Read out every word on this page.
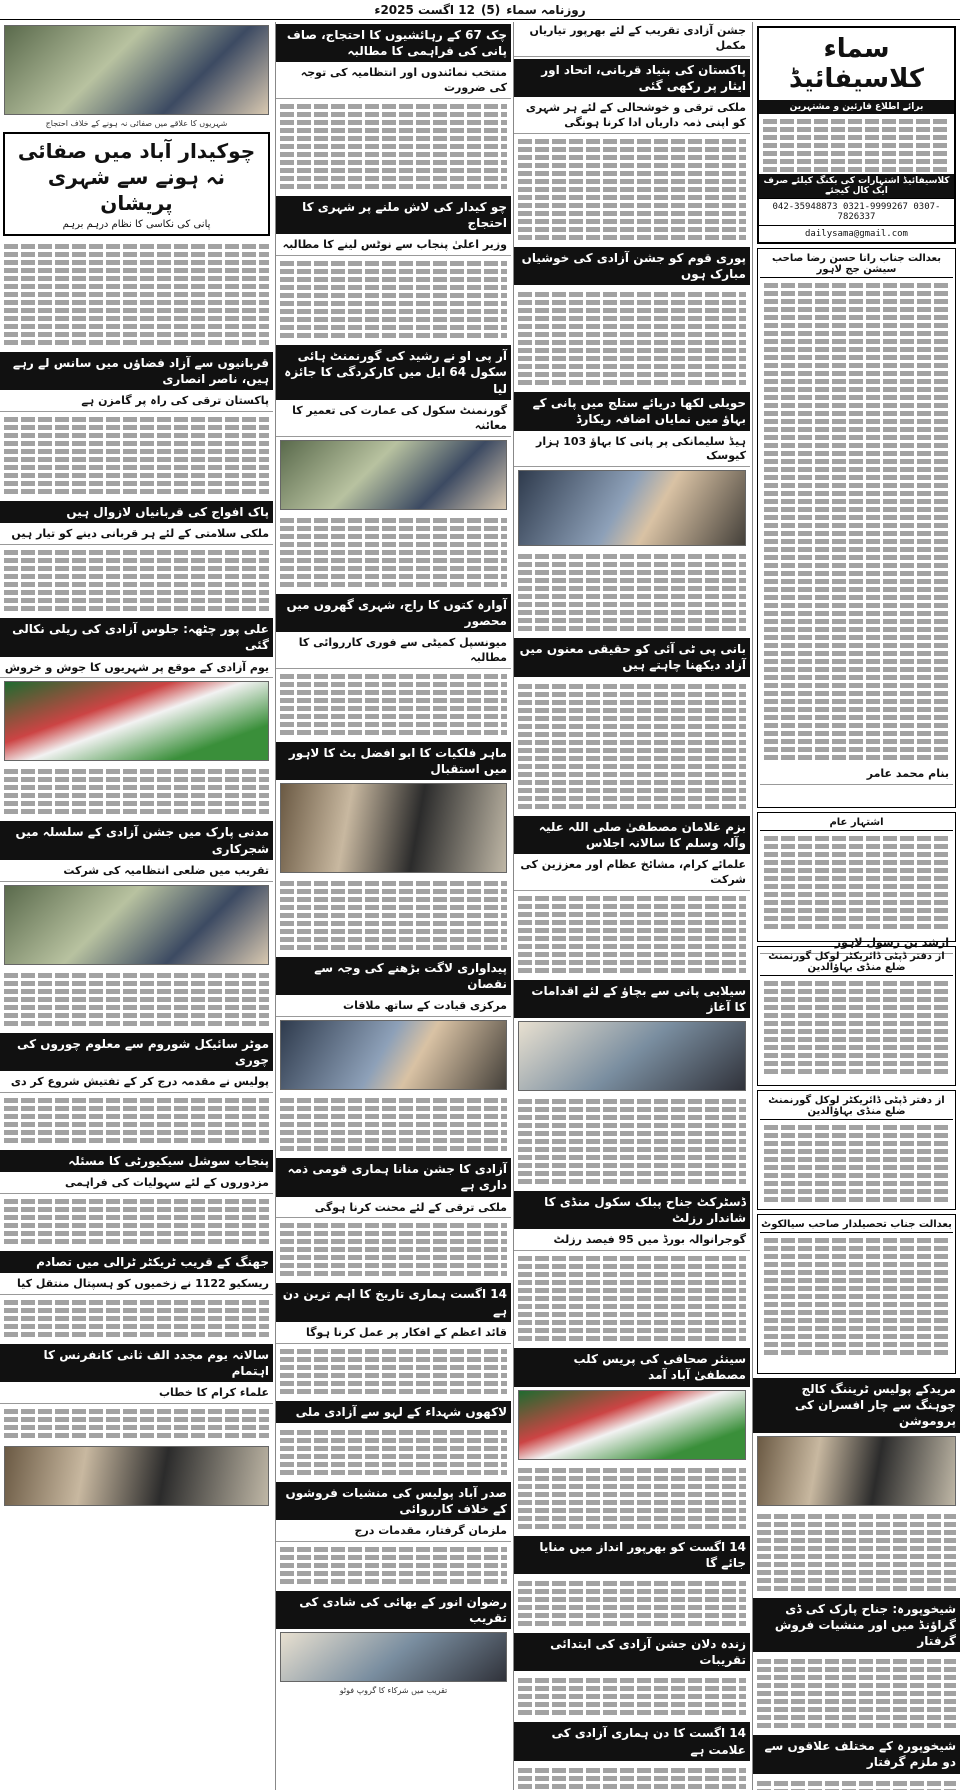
روزنامہ سماء
(5)
12 اگست 2025ء
سماء کلاسیفائیڈ
برائے اطلاع قارئین و مشتہرین
کلاسیفائیڈ اشتہارات کی بکنگ کیلئے صرف ایک کال کیجئے
042-35948873 0321-9999267 0307-7826337
dailysama@gmail.com
بعدالت جناب رانا حسن رضا صاحب سیشن جج لاہور
بنام محمد عامر
اشتہار عام
ارشد بن رسول لاہور
از دفتر ڈپٹی ڈائریکٹر لوکل گورنمنٹ ضلع منڈی بہاؤالدین
از دفتر ڈپٹی ڈائریکٹر لوکل گورنمنٹ ضلع منڈی بہاؤالدین
بعدالت جناب تحصیلدار صاحب سیالکوٹ
مریدکے پولیس ٹریننگ کالج چوہنگ سے چار افسران کی پروموشن
شیخوپورہ: جناح پارک کی ڈی گراؤنڈ میں اور منشیات فروش گرفتار
شیخوپورہ کے مختلف علاقوں سے دو ملزم گرفتار
جشن آزادی تقریب کے لئے بھرپور تیاریاں مکمل
پاکستان کی بنیاد قربانی، اتحاد اور ایثار پر رکھی گئی
ملکی ترقی و خوشحالی کے لئے ہر شہری کو اپنی ذمہ داریاں ادا کرنا ہونگی
پوری قوم کو جشن آزادی کی خوشیاں مبارک ہوں
حویلی لکھا دریائے ستلج میں پانی کے بہاؤ میں نمایاں اضافہ ریکارڈ
ہیڈ سلیمانکی پر پانی کا بہاؤ 103 ہزار کیوسک
بانی پی ٹی آئی کو حقیقی معنوں میں آزاد دیکھنا چاہتے ہیں
بزم غلامان مصطفیٰ صلی اللہ علیہ وآلہ وسلم کا سالانہ اجلاس
علمائے کرام، مشائخ عظام اور معززین کی شرکت
سیلابی پانی سے بچاؤ کے لئے اقدامات کا آغاز
ڈسٹرکٹ جناح پبلک سکول منڈی کا شاندار رزلٹ
گوجرانوالہ بورڈ میں 95 فیصد رزلٹ
سینئر صحافی کی پریس کلب مصطفیٰ آباد آمد
14 اگست کو بھرپور انداز میں منایا جائے گا
زندہ دلان جشن آزادی کی ابتدائی تقریبات
14 اگست کا دن ہماری آزادی کی علامت ہے
چک 67 کے رہائشیوں کا احتجاج، صاف پانی کی فراہمی کا مطالبہ
منتخب نمائندوں اور انتظامیہ کی توجہ کی ضرورت
چو کیدار کی لاش ملنے پر شہری کا احتجاج
وزیر اعلیٰ پنجاب سے نوٹس لینے کا مطالبہ
آر پی او نے رشید کی گورنمنٹ ہائی سکول 64 ایل میں کارکردگی کا جائزہ لیا
گورنمنٹ سکول کی عمارت کی تعمیر کا معائنہ
آوارہ کتوں کا راج، شہری گھروں میں محصور
میونسپل کمیٹی سے فوری کارروائی کا مطالبہ
ماہر فلکیات کا ابو افضل بٹ کا لاہور میں استقبال
پیداواری لاگت بڑھنے کی وجہ سے نقصان
مرکزی قیادت کے ساتھ ملاقات
آزادی کا جشن منانا ہماری قومی ذمہ داری ہے
ملکی ترقی کے لئے محنت کرنا ہوگی
14 اگست ہماری تاریخ کا اہم ترین دن ہے
قائد اعظم کے افکار پر عمل کرنا ہوگا
لاکھوں شہداء کے لہو سے آزادی ملی
صدر آباد پولیس کی منشیات فروشوں کے خلاف کارروائی
ملزمان گرفتار، مقدمات درج
رضوان انور کے بھائی کی شادی کی تقریب
تقریب میں شرکاء کا گروپ فوٹو
شہریوں کا علاقے میں صفائی نہ ہونے کے خلاف احتجاج
چوکیدار آباد میں صفائی نہ ہونے سے شہری پریشان
پانی کی نکاسی کا نظام درہم برہم
قربانیوں سے آزاد فضاؤں میں سانس لے رہے ہیں، ناصر انصاری
پاکستان ترقی کی راہ پر گامزن ہے
پاک افواج کی قربانیاں لازوال ہیں
ملکی سلامتی کے لئے ہر قربانی دینے کو تیار ہیں
علی پور چٹھہ: جلوس آزادی کی ریلی نکالی گئی
یوم آزادی کے موقع پر شہریوں کا جوش و خروش
مدنی پارک میں جشن آزادی کے سلسلہ میں شجرکاری
تقریب میں ضلعی انتظامیہ کی شرکت
موٹر سائیکل شوروم سے معلوم چوروں کی چوری
پولیس نے مقدمہ درج کر کے تفتیش شروع کر دی
پنجاب سوشل سیکیورٹی کا مسئلہ
مزدوروں کے لئے سہولیات کی فراہمی
جھنگ کے قریب ٹریکٹر ٹرالی میں تصادم
ریسکیو 1122 نے زخمیوں کو ہسپتال منتقل کیا
سالانہ یوم مجدد الف ثانی کانفرنس کا اہتمام
علماء کرام کا خطاب
